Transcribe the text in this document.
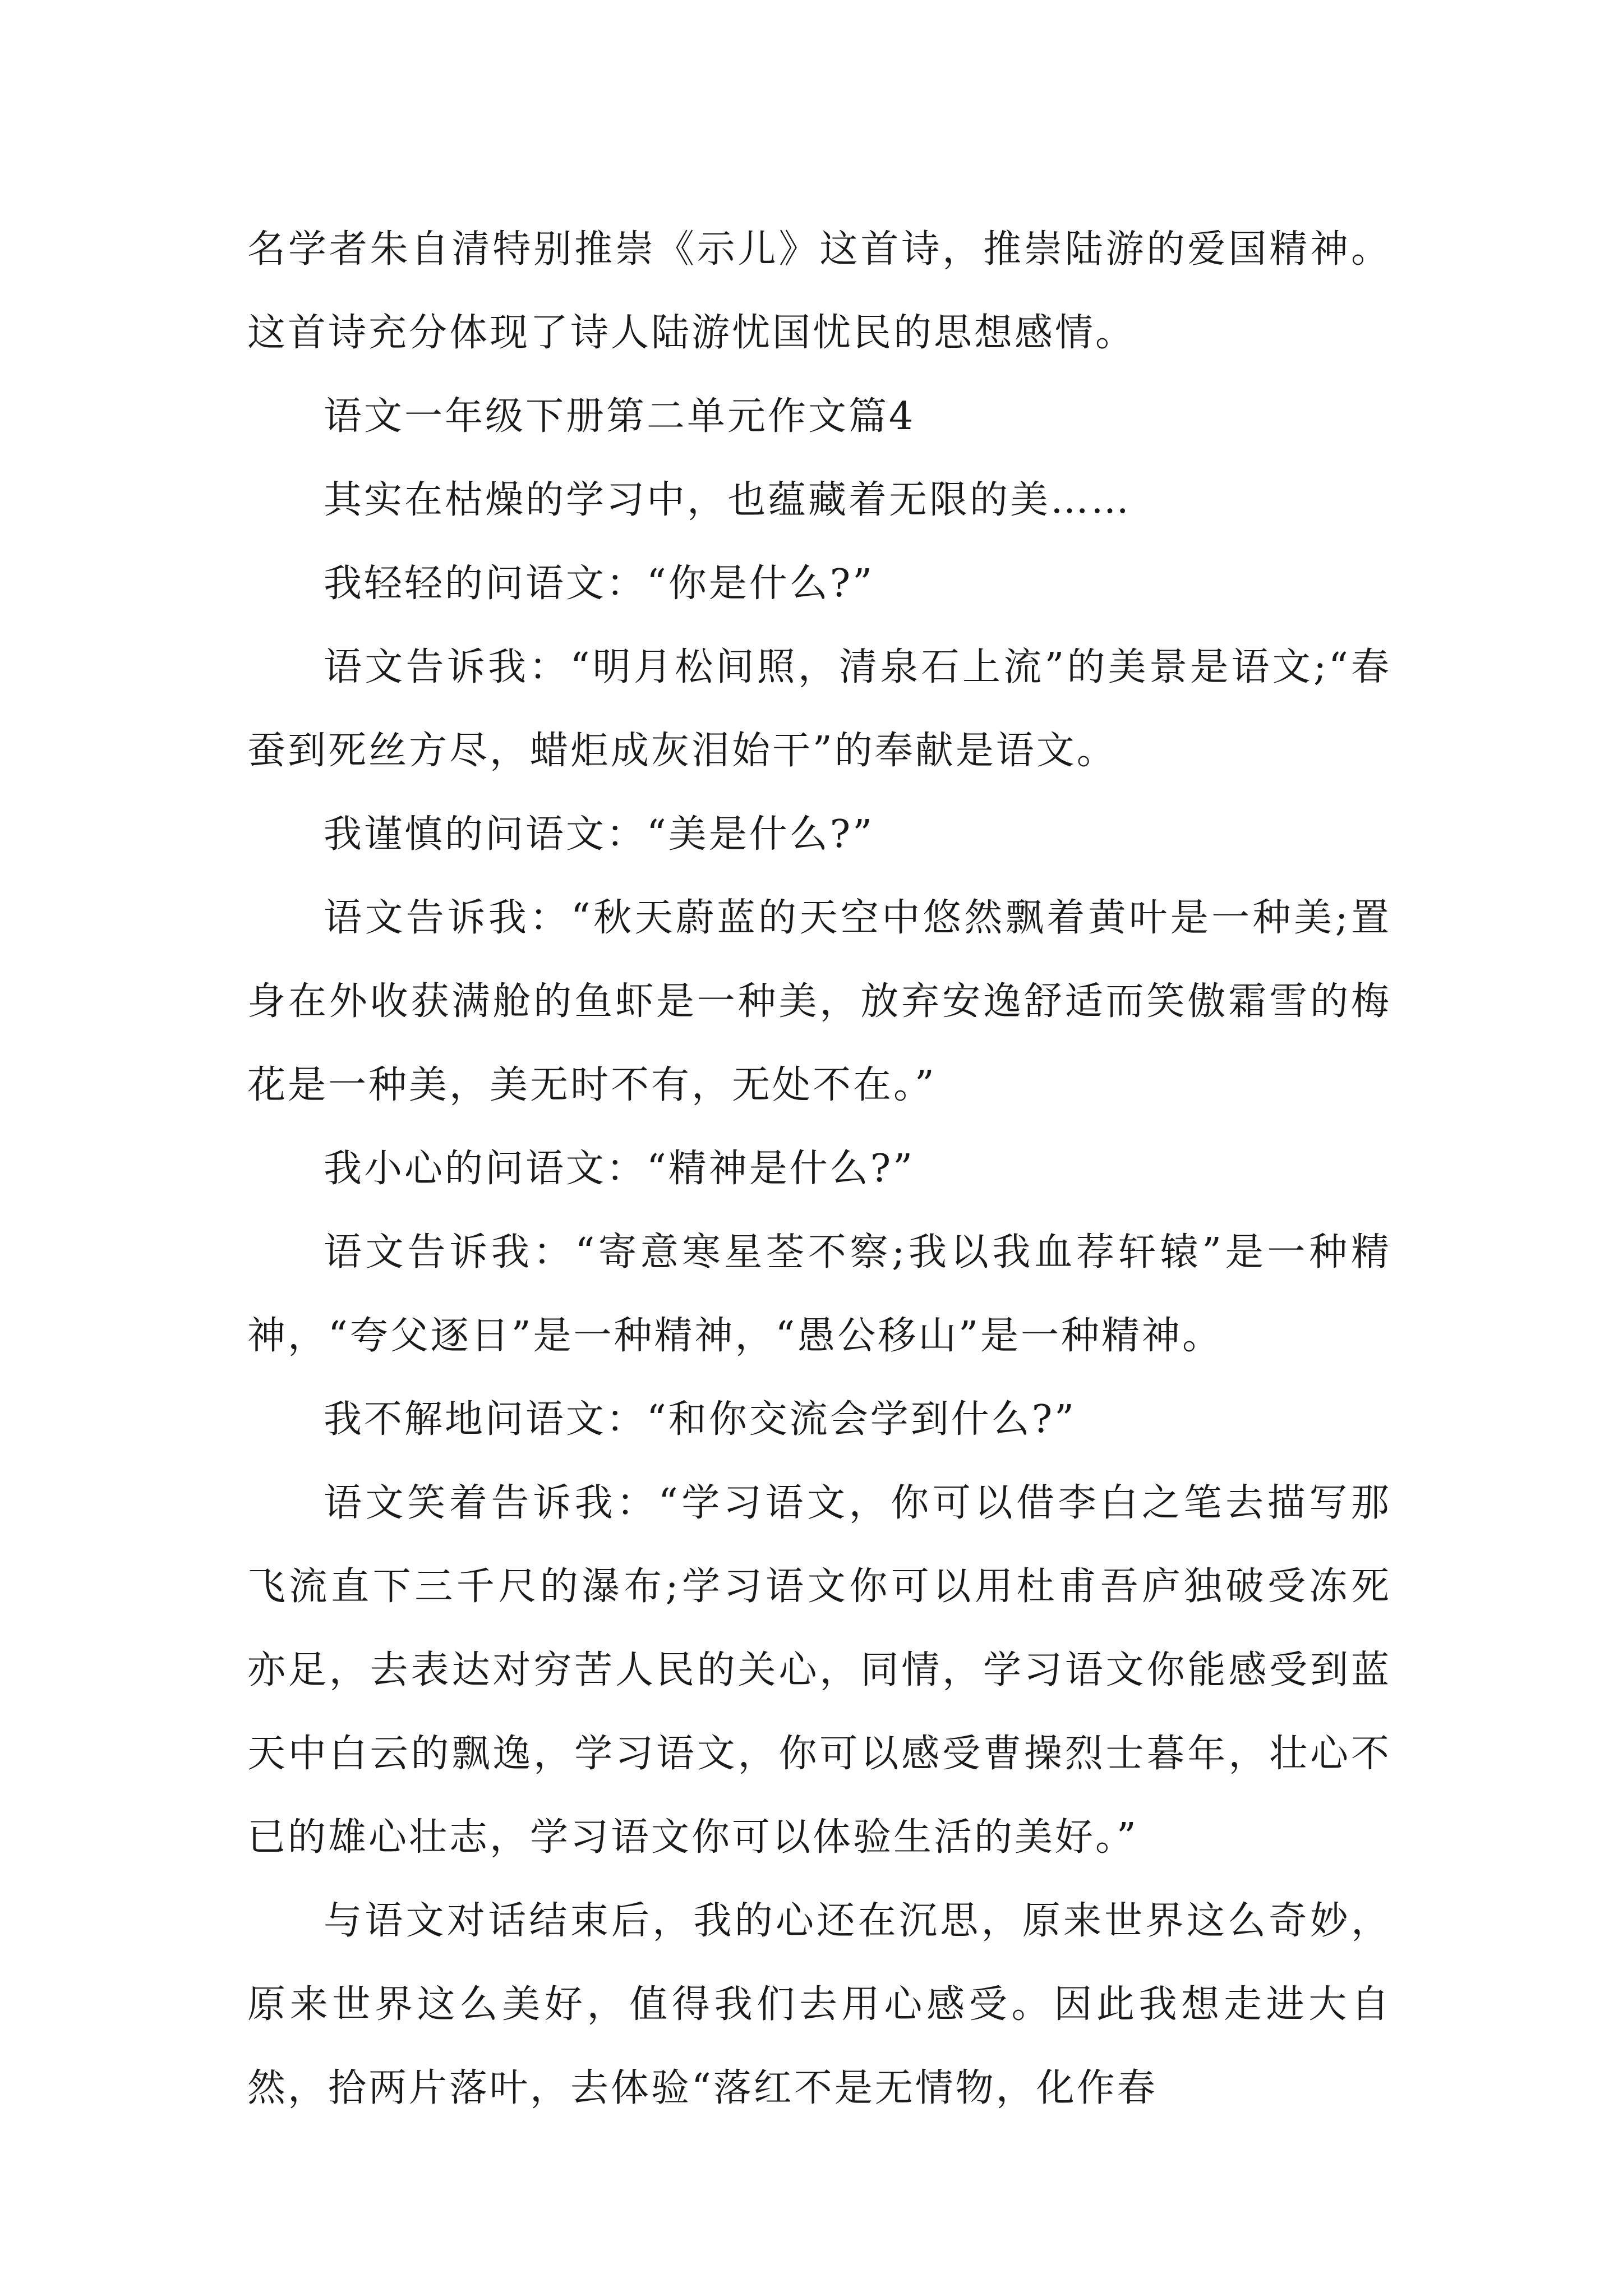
名学者朱自清特别推崇《示儿》这首诗，推崇陆游的爱国精神。这首诗充分体现了诗人陆游忧国忧民的思想感情。

语文一年级下册第二单元作文篇4

其实在枯燥的学习中，也蕴藏着无限的美……

我轻轻的问语文：“你是什么?”

语文告诉我：“明月松间照，清泉石上流”的美景是语文;“春蚕到死丝方尽，蜡炬成灰泪始干”的奉献是语文。

我谨慎的问语文：“美是什么?”

语文告诉我：“秋天蔚蓝的天空中悠然飘着黄叶是一种美;置身在外收获满舱的鱼虾是一种美，放弃安逸舒适而笑傲霜雪的梅花是一种美，美无时不有，无处不在。”

我小心的问语文：“精神是什么?”

语文告诉我：“寄意寒星荃不察;我以我血荐轩辕”是一种精神，“夸父逐日”是一种精神，“愚公移山”是一种精神。

我不解地问语文：“和你交流会学到什么?”

语文笑着告诉我：“学习语文，你可以借李白之笔去描写那飞流直下三千尺的瀑布;学习语文你可以用杜甫吾庐独破受冻死亦足，去表达对穷苦人民的关心，同情，学习语文你能感受到蓝天中白云的飘逸，学习语文，你可以感受曹操烈士暮年，壮心不已的雄心壮志，学习语文你可以体验生活的美好。”

与语文对话结束后，我的心还在沉思，原来世界这么奇妙，原来世界这么美好，值得我们去用心感受。因此我想走进大自然，拾两片落叶，去体验“落红不是无情物，化作春
